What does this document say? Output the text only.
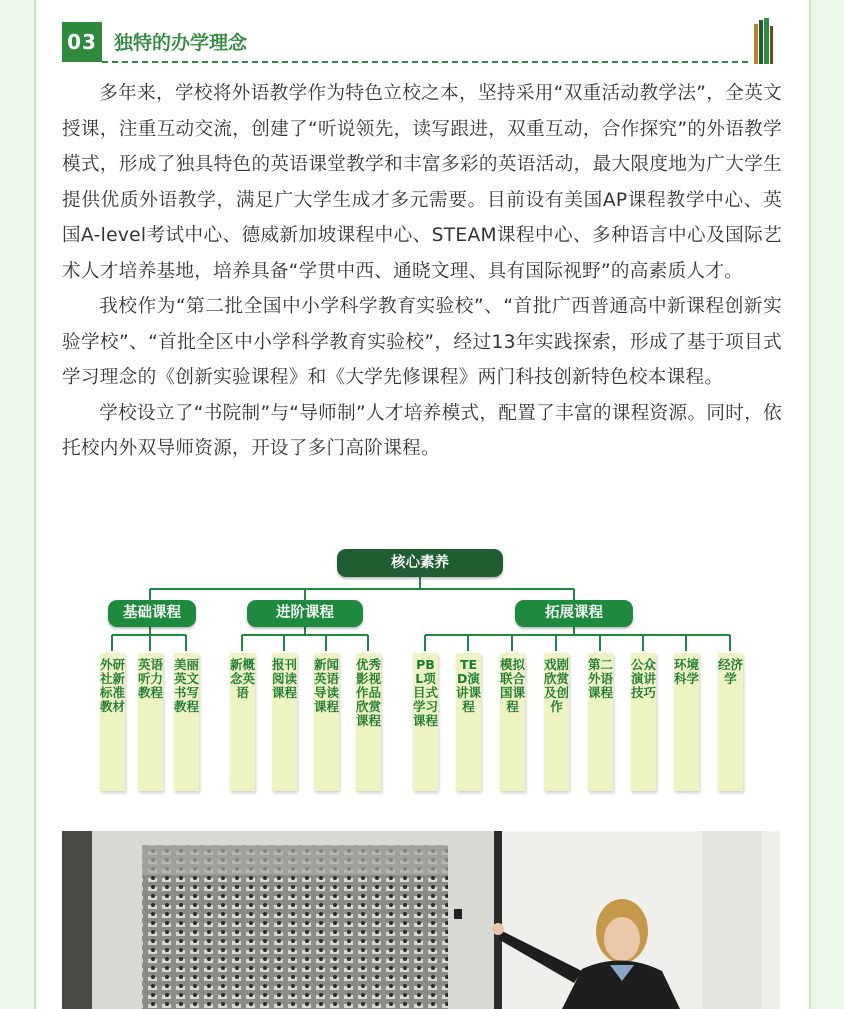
03 独特的办学理念

多年来，学校将外语教学作为特色立校之本，坚持采用“双重活动教学法”，全英文授课，注重互动交流，创建了“听说领先，读写跟进，双重互动，合作探究”的外语教学模式，形成了独具特色的英语课堂教学和丰富多彩的英语活动，最大限度地为广大学生提供优质外语教学，满足广大学生成才多元需要。目前设有美国AP课程教学中心、英国A-level考试中心、德威新加坡课程中心、STEAM课程中心、多种语言中心及国际艺术人才培养基地，培养具备“学贯中西、通晓文理、具有国际视野”的高素质人才。

我校作为“第二批全国中小学科学教育实验校”、“首批广西普通高中新课程创新实验学校”、“首批全区中小学科学教育实验校”，经过13年实践探索，形成了基于项目式学习理念的《创新实验课程》和《大学先修课程》两门科技创新特色校本课程。

学校设立了“书院制”与“导师制”人才培养模式，配置了丰富的课程资源。同时，依托校内外双导师资源，开设了多门高阶课程。

核心素养
基础课程	进阶课程	拓展课程
外研社新标准教材
英语听力教程
美丽英文书写教程
新概念英语
报刊阅读课程
新闻英语导读课程
优秀影视作品欣赏课程
PBL项目式学习课程
TED演讲课程
模拟联合国课程
戏剧欣赏及创作
第二外语课程
公众演讲技巧
环境科学
经济学
